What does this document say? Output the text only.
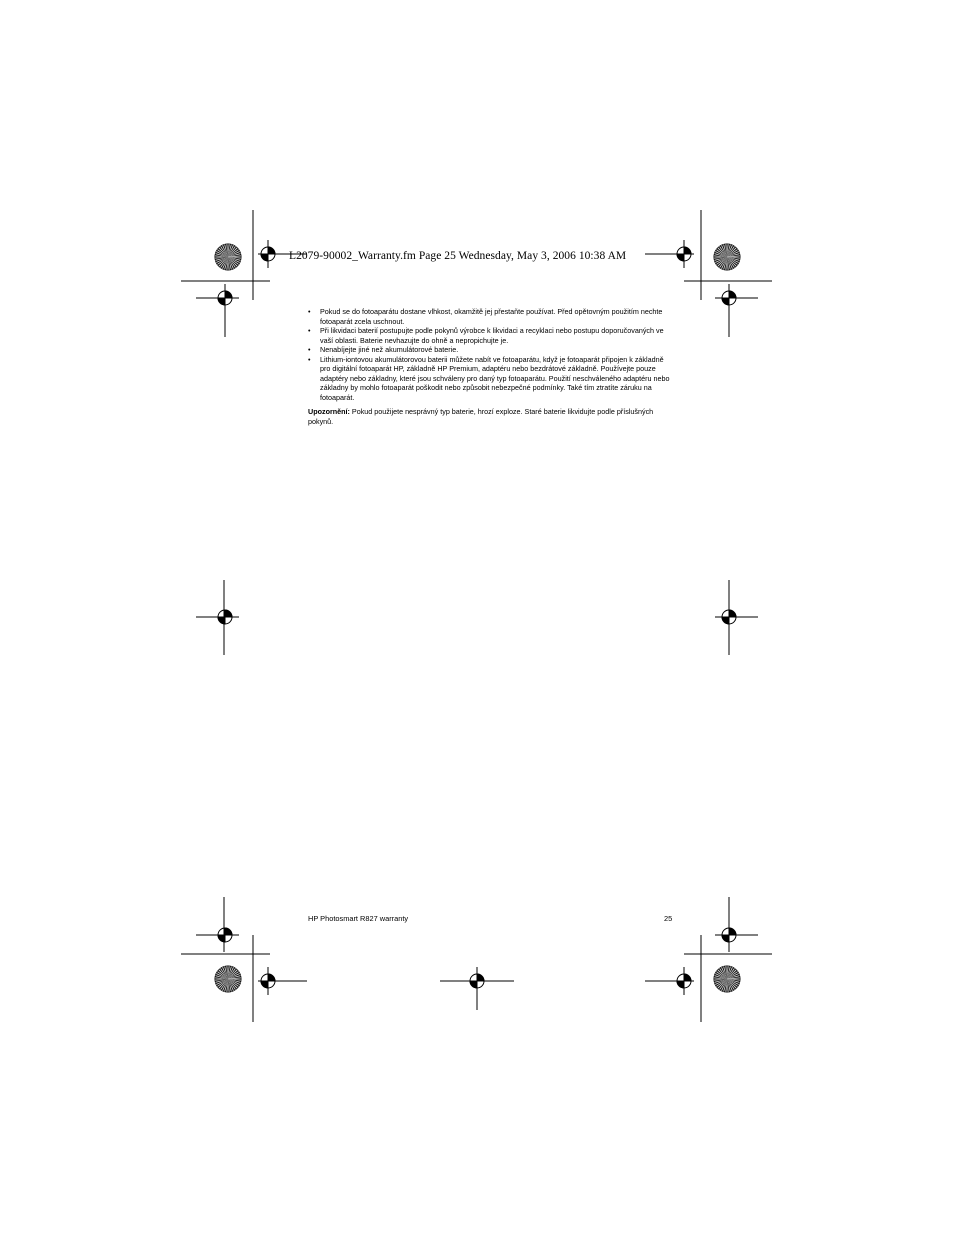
L2079-90002_Warranty.fm Page 25 Wednesday, May 3, 2006 10:38 AM
• Pokud se do fotoaparátu dostane vlhkost, okamžitě jej přestaňte používat. Před opětovným použitím nechte fotoaparát zcela uschnout.
• Při likvidaci baterií postupujte podle pokynů výrobce k likvidaci a recyklaci nebo postupu doporučovaných ve vaší oblasti. Baterie nevhazujte do ohně a nepropichujte je.
• Nenabíjejte jiné než akumulátorové baterie.
• Lithium-iontovou akumulátorovou baterii můžete nabít ve fotoaparátu, když je fotoaparát připojen k základně pro digitální fotoaparát HP, základně HP Premium, adaptéru nebo bezdrátové základně. Používejte pouze adaptéry nebo základny, které jsou schváleny pro daný typ fotoaparátu. Použití neschváleného adaptéru nebo základny by mohlo fotoaparát poškodit nebo způsobit nebezpečné podmínky. Také tím ztratíte záruku na fotoaparát.

Upozornění: Pokud použijete nesprávný typ baterie, hrozí exploze. Staré baterie likvidujte podle příslušných pokynů.

HP Photosmart R827 warranty	25
